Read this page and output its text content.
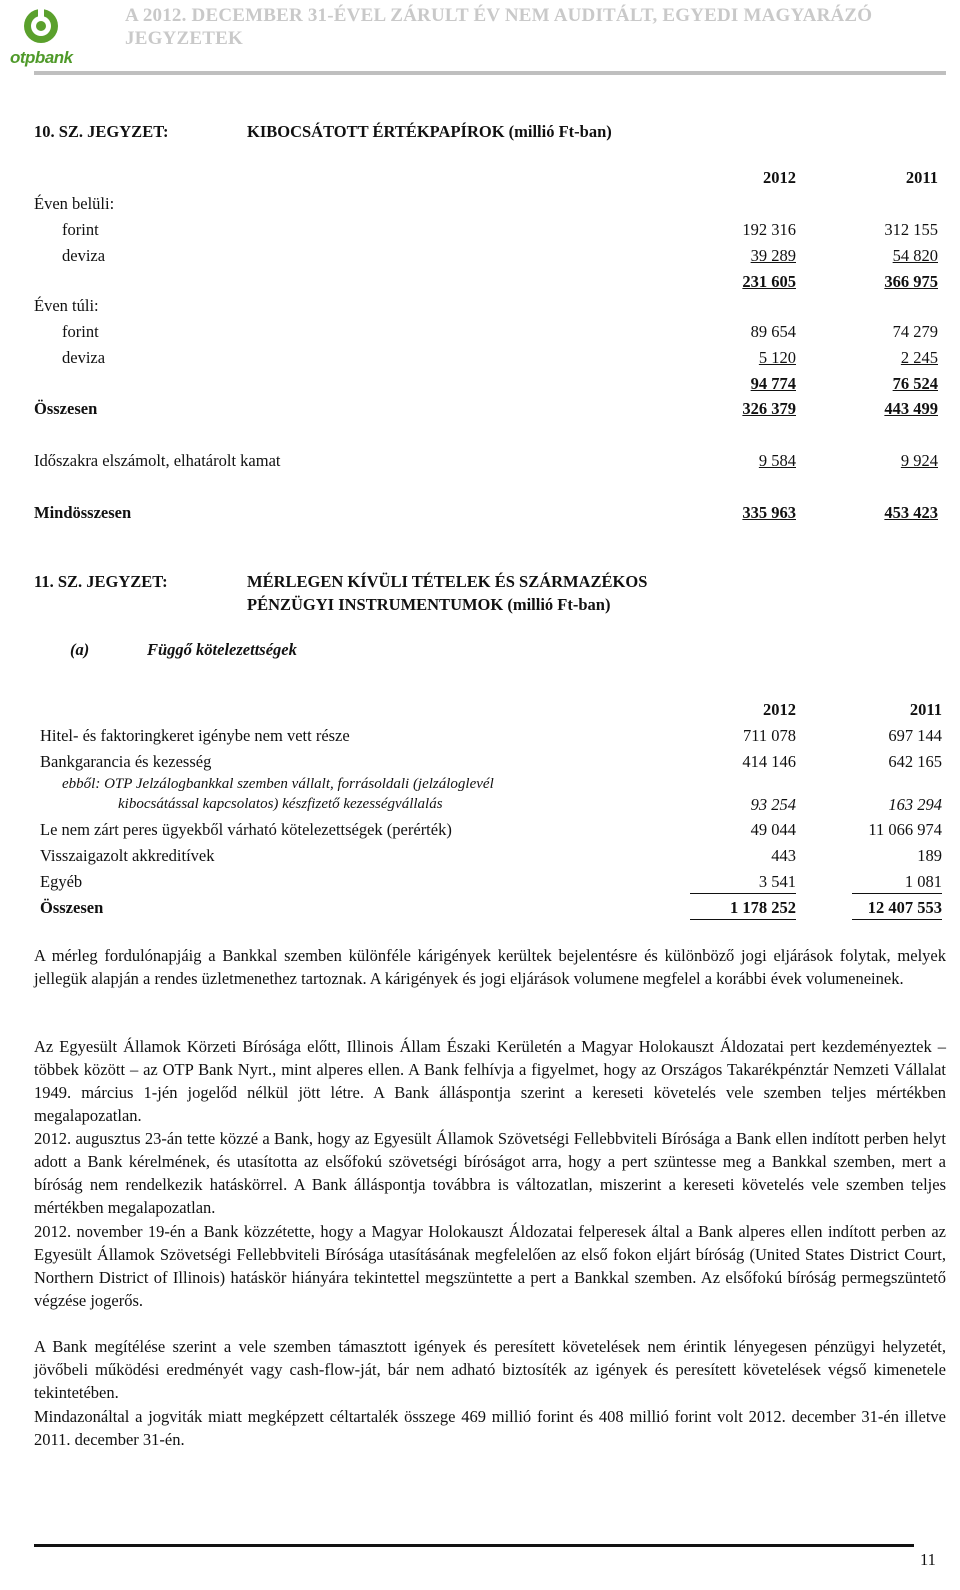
otpbank
A 2012. DECEMBER 31-ÉVEL ZÁRULT ÉV NEM AUDITÁLT, EGYEDI MAGYARÁZÓ JEGYZETEK
10. SZ. JEGYZET:	KIBOCSÁTOTT ÉRTÉKPAPÍROK (millió Ft-ban)
2012	2011
Éven belüli:
forint	192 316	312 155
deviza	39 289	54 820
231 605	366 975
Éven túli:
forint	89 654	74 279
deviza	5 120	2 245
94 774	76 524
Összesen	326 379	443 499
Időszakra elszámolt, elhatárolt kamat	9 584	9 924
Mindösszesen	335 963	453 423
11. SZ. JEGYZET:	MÉRLEGEN KÍVÜLI TÉTELEK ÉS SZÁRMAZÉKOS
PÉNZÜGYI INSTRUMENTUMOK (millió Ft-ban)
(a)	Függő kötelezettségek
2012	2011
Hitel- és faktoringkeret igénybe nem vett része	711 078	697 144
Bankgarancia és kezesség	414 146	642 165
ebből: OTP Jelzálogbankkal szemben vállalt, forrásoldali (jelzáloglevél
kibocsátással kapcsolatos) készfizető kezességvállalás	93 254	163 294
Le nem zárt peres ügyekből várható kötelezettségek (perérték)	49 044	11 066 974
Visszaigazolt akkreditívek	443	189
Egyéb	3 541	1 081
Összesen	1 178 252	12 407 553
A mérleg fordulónapjáig a Bankkal szemben különféle kárigények kerültek bejelentésre és különböző jogi eljárások folytak, melyek jellegük alapján a rendes üzletmenethez tartoznak. A kárigények és jogi eljárások volumene megfelel a korábbi évek volumeneinek.
Az Egyesült Államok Körzeti Bírósága előtt, Illinois Állam Északi Kerületén a Magyar Holokauszt Áldozatai pert kezdeményeztek – többek között – az OTP Bank Nyrt., mint alperes ellen. A Bank felhívja a figyelmet, hogy az Országos Takarékpénztár Nemzeti Vállalat 1949. március 1-jén jogelőd nélkül jött létre. A Bank álláspontja szerint a kereseti követelés vele szemben teljes mértékben megalapozatlan.
2012. augusztus 23-án tette közzé a Bank, hogy az Egyesült Államok Szövetségi Fellebbviteli Bírósága a Bank ellen indított perben helyt adott a Bank kérelmének, és utasította az elsőfokú szövetségi bíróságot arra, hogy a pert szüntesse meg a Bankkal szemben, mert a bíróság nem rendelkezik hatáskörrel. A Bank álláspontja továbbra is változatlan, miszerint a kereseti követelés vele szemben teljes mértékben megalapozatlan.
2012. november 19-én a Bank közzétette, hogy a Magyar Holokauszt Áldozatai felperesek által a Bank alperes ellen indított perben az Egyesült Államok Szövetségi Fellebbviteli Bírósága utasításának megfelelően az első fokon eljárt bíróság (United States District Court, Northern District of Illinois) hatáskör hiányára tekintettel megszüntette a pert a Bankkal szemben. Az elsőfokú bíróság permegszüntető végzése jogerős.
A Bank megítélése szerint a vele szemben támasztott igények és peresített követelések nem érintik lényegesen pénzügyi helyzetét, jövőbeli működési eredményét vagy cash-flow-ját, bár nem adható biztosíték az igények és peresített követelések végső kimenetele tekintetében.
Mindazonáltal a jogviták miatt megképzett céltartalék összege 469 millió forint és 408 millió forint volt 2012. december 31-én illetve 2011. december 31-én.
11
